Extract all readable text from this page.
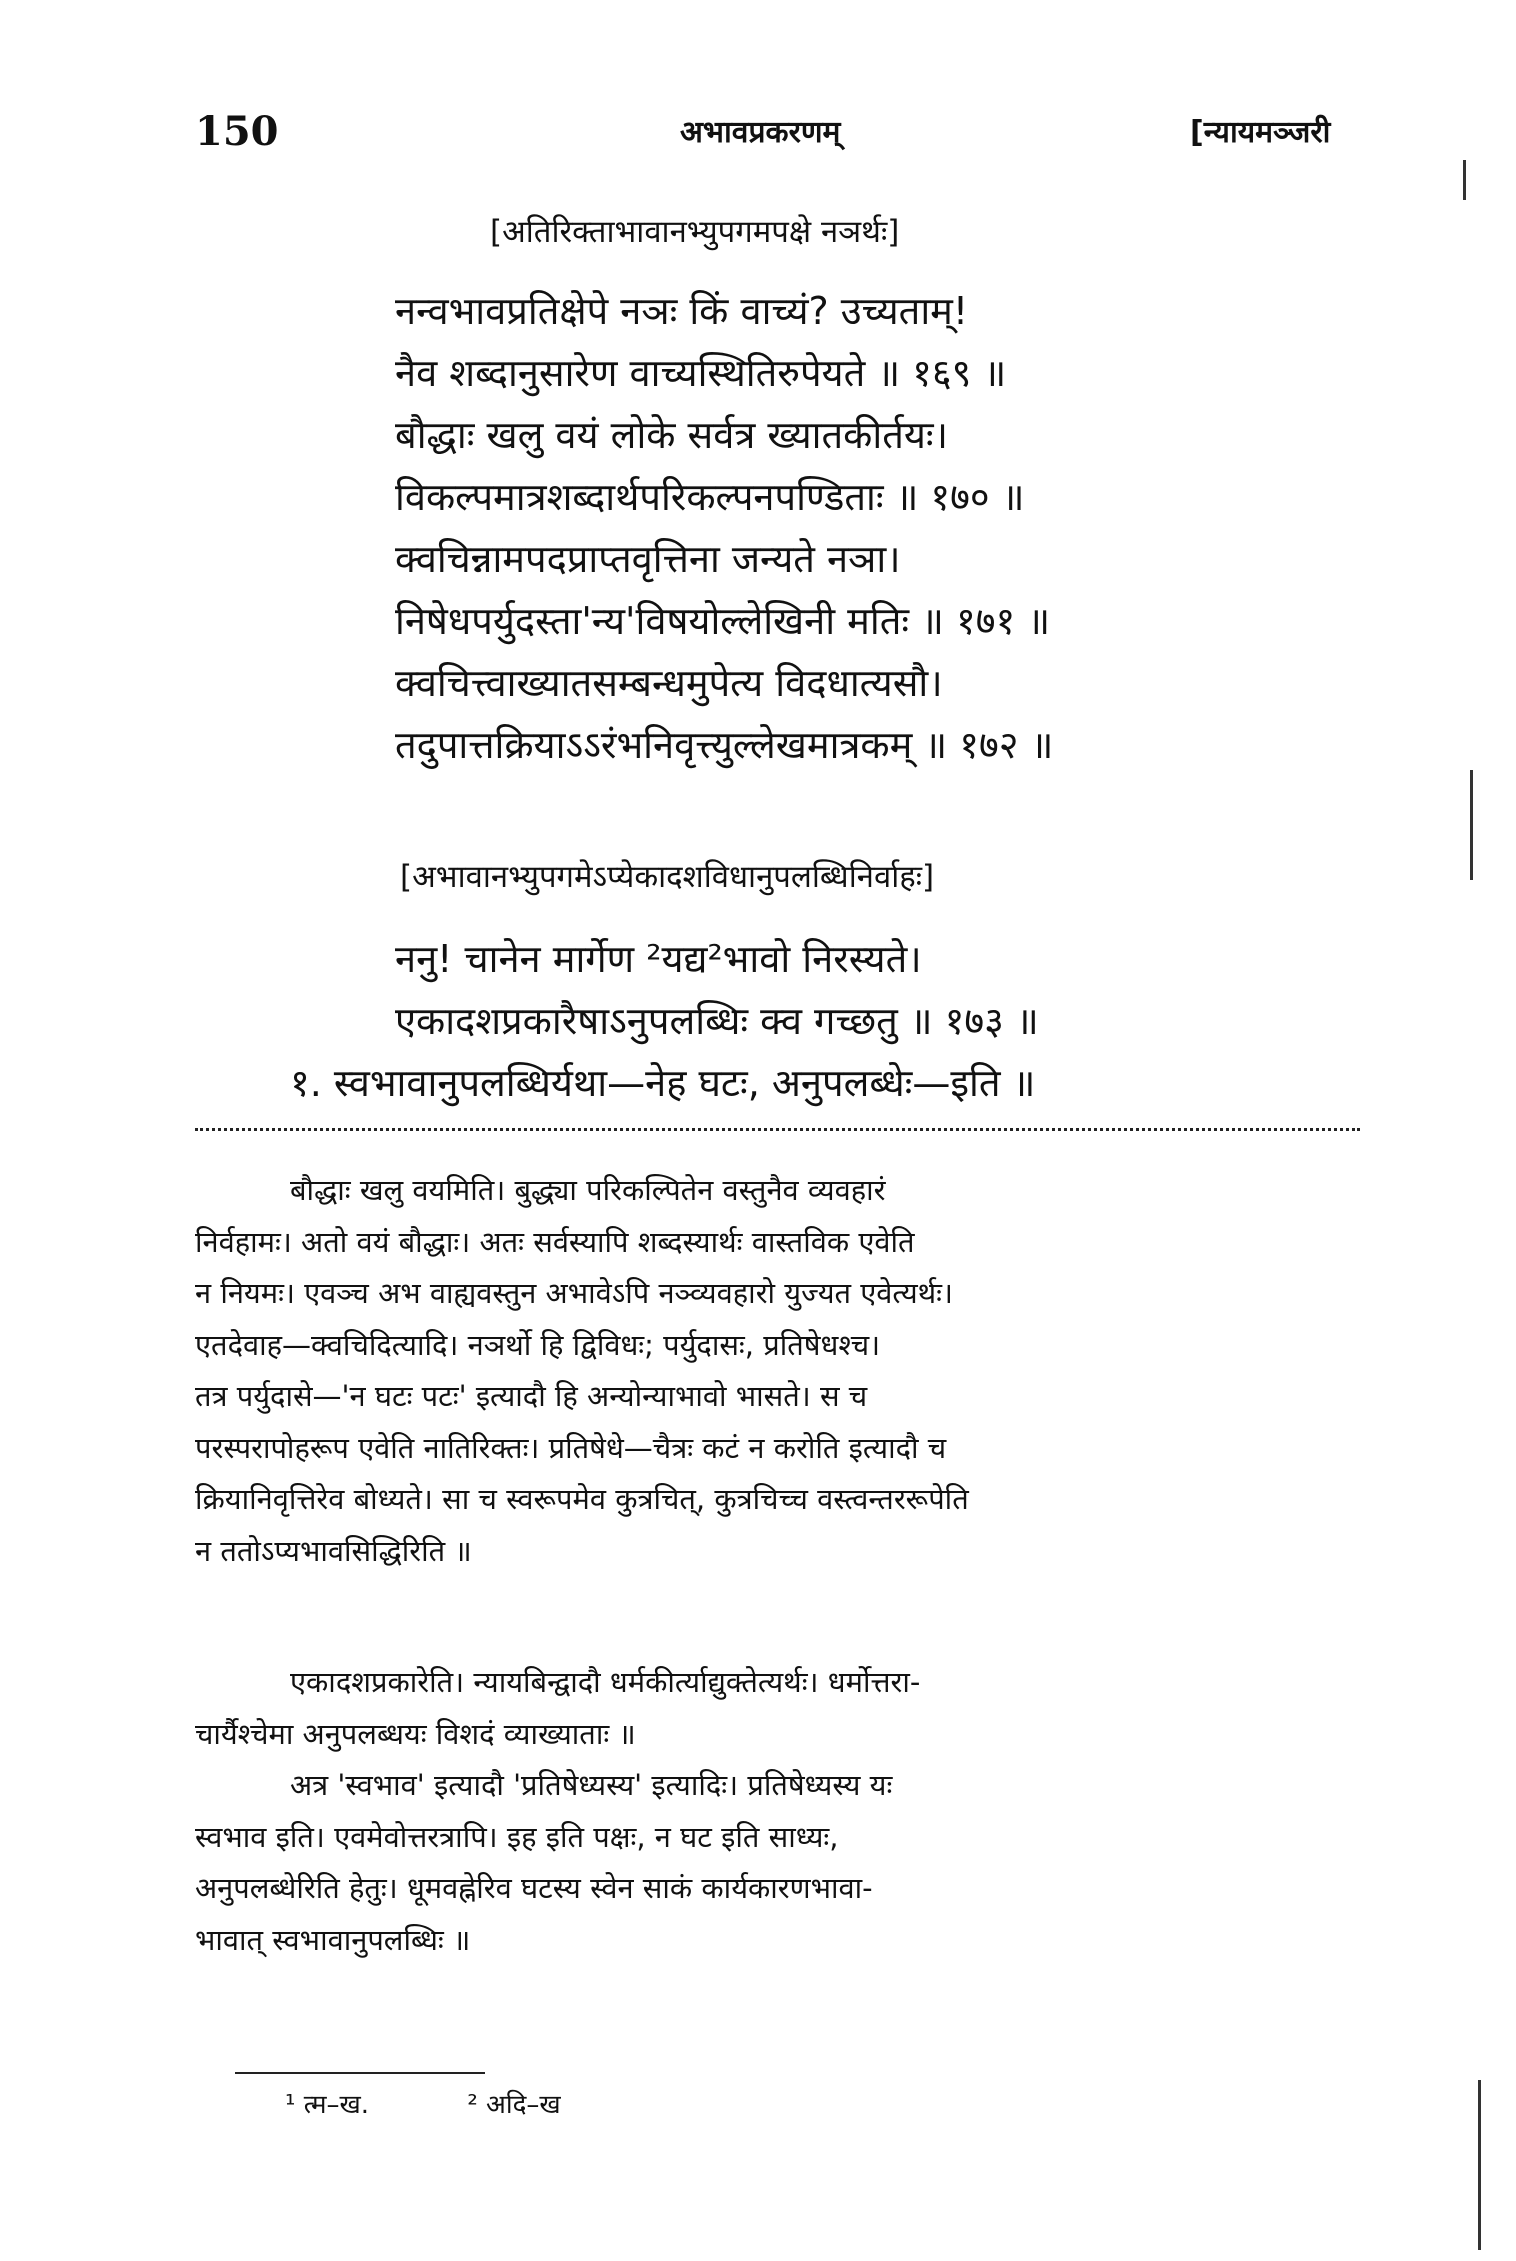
150	अभावप्रकरणम्	[न्यायमञ्जरी
[अतिरिक्ताभावानभ्युपगमपक्षे नञर्थः]
नन्वभावप्रतिक्षेपे नञः किं वाच्यं? उच्यताम्!
नैव शब्दानुसारेण वाच्यस्थितिरुपेयते ॥ १६९ ॥
बौद्धाः खलु वयं लोके सर्वत्र ख्यातकीर्तयः।
विकल्पमात्रशब्दार्थपरिकल्पनपण्डिताः ॥ १७० ॥
क्वचिन्नामपदप्राप्तवृत्तिना जन्यते नञा।
निषेधपर्युदस्ता'न्य'विषयोल्लेखिनी मतिः ॥ १७१ ॥
क्वचित्त्वाख्यातसम्बन्धमुपेत्य विदधात्यसौ।
तदुपात्तक्रियाऽऽरंभनिवृत्त्युल्लेखमात्रकम् ॥ १७२ ॥
[अभावानभ्युपगमेऽप्येकादशविधानुपलब्धिनिर्वाहः]
ननु! चानेन मार्गेण ²यद्य²भावो निरस्यते।
एकादशप्रकारैषाऽनुपलब्धिः क्व गच्छतु ॥ १७३ ॥
१. स्वभावानुपलब्धिर्यथा—नेह घटः, अनुपलब्धेः—इति ॥
बौद्धाः खलु वयमिति। बुद्ध्या परिकल्पितेन वस्तुनैव व्यवहारं
निर्वहामः। अतो वयं बौद्धाः। अतः सर्वस्यापि शब्दस्यार्थः वास्तविक एवेति
न नियमः। एवञ्च अभ वाह्यवस्तुन अभावेऽपि नञ्व्यवहारो युज्यत एवेत्यर्थः।
एतदेवाह—क्वचिदित्यादि। नञर्थो हि द्विविधः; पर्युदासः, प्रतिषेधश्च।
तत्र पर्युदासे—'न घटः पटः' इत्यादौ हि अन्योन्याभावो भासते। स च
परस्परापोहरूप एवेति नातिरिक्तः। प्रतिषेधे—चैत्रः कटं न करोति इत्यादौ च
क्रियानिवृत्तिरेव बोध्यते। सा च स्वरूपमेव कुत्रचित्, कुत्रचिच्च वस्त्वन्तररूपेति
न ततोऽप्यभावसिद्धिरिति ॥
एकादशप्रकारेति। न्यायबिन्द्वादौ धर्मकीर्त्याद्युक्तेत्यर्थः। धर्मोत्तरा-
चार्यैश्चेमा अनुपलब्धयः विशदं व्याख्याताः ॥
अत्र 'स्वभाव' इत्यादौ 'प्रतिषेध्यस्य' इत्यादिः। प्रतिषेध्यस्य यः
स्वभाव इति। एवमेवोत्तरत्रापि। इह इति पक्षः, न घट इति साध्यः,
अनुपलब्धेरिति हेतुः। धूमवह्नेरिव घटस्य स्वेन साकं कार्यकारणभावा-
भावात् स्वभावानुपलब्धिः ॥
¹ त्म–ख.	² अदि–ख
